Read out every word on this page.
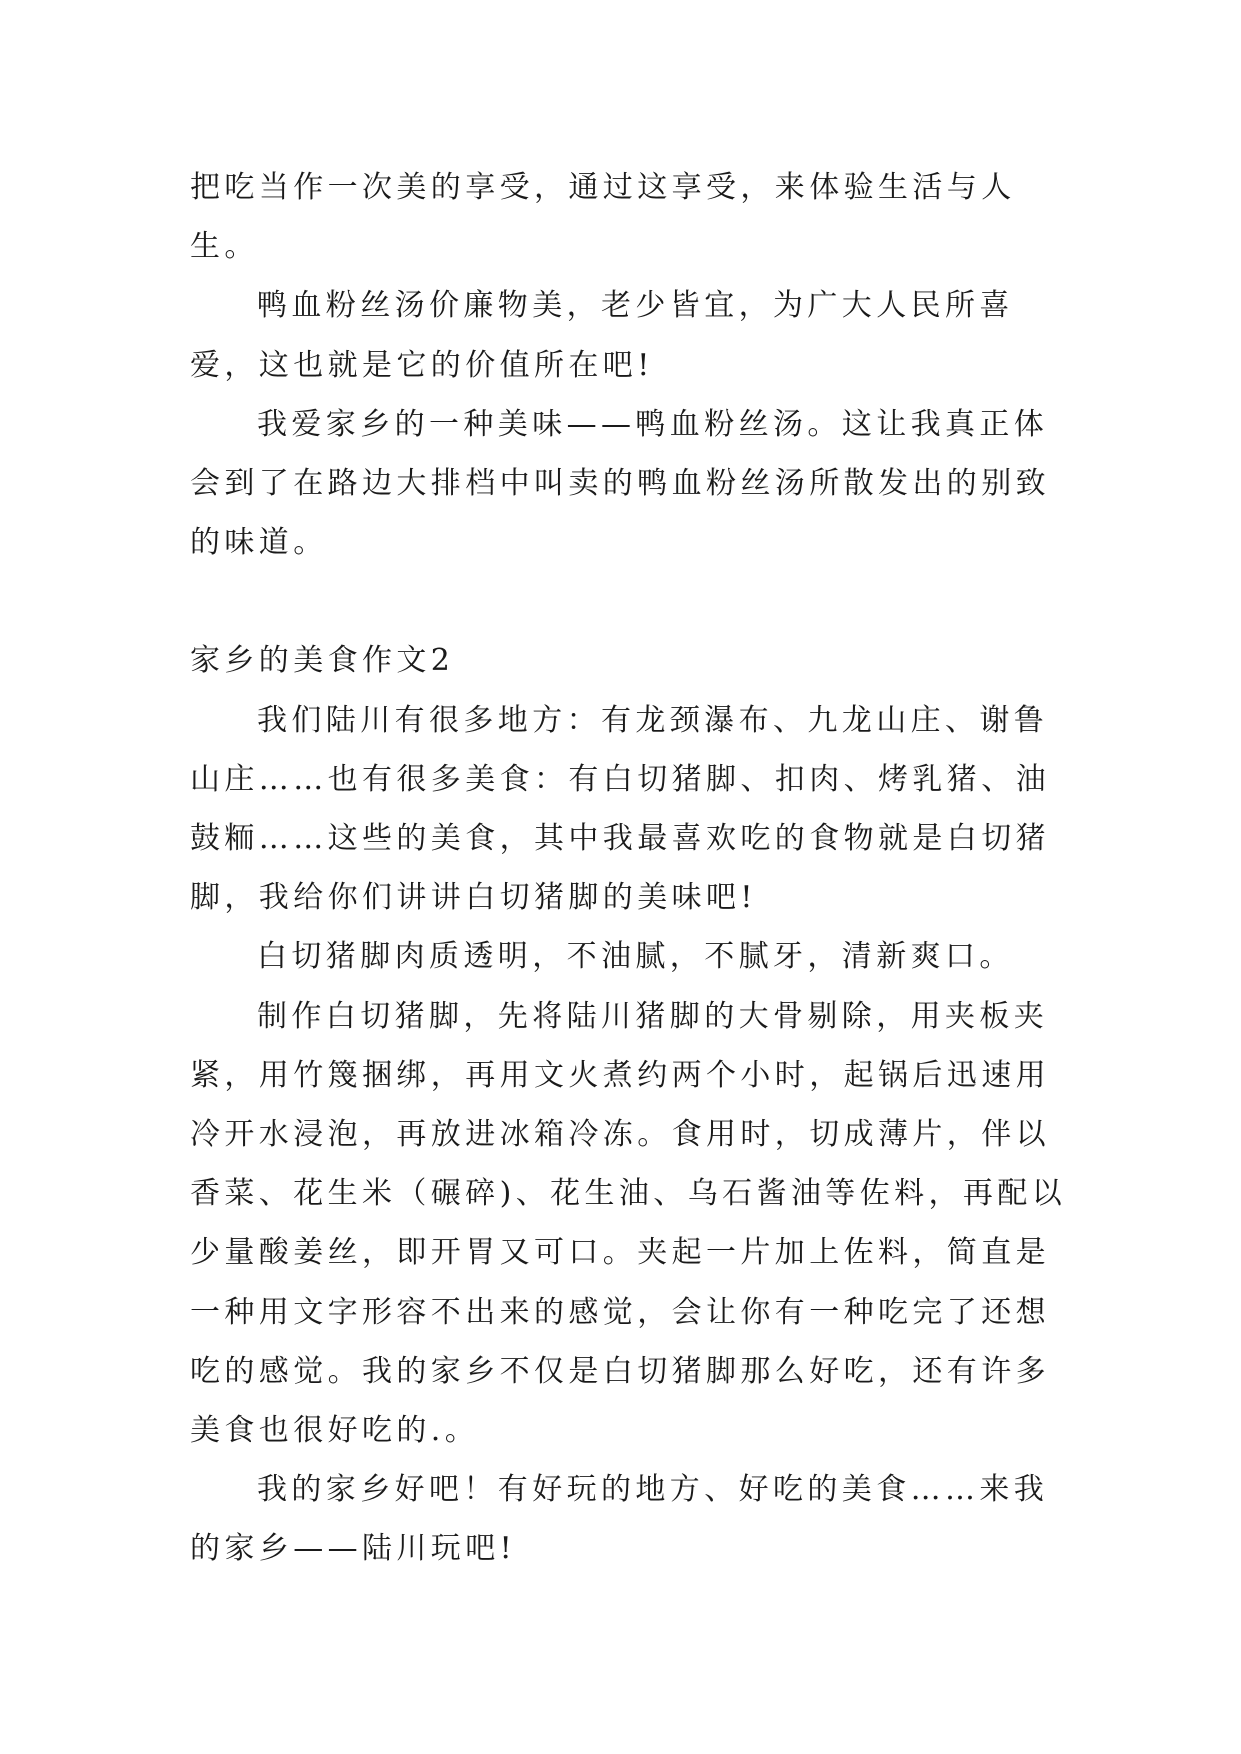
把吃当作一次美的享受，通过这享受，来体验生活与人生。

鸭血粉丝汤价廉物美，老少皆宜，为广大人民所喜爱，这也就是它的价值所在吧!

我爱家乡的一种美味——鸭血粉丝汤。这让我真正体会到了在路边大排档中叫卖的鸭血粉丝汤所散发出的别致的味道。

家乡的美食作文2

我们陆川有很多地方：有龙颈瀑布、九龙山庄、谢鲁山庄……也有很多美食：有白切猪脚、扣肉、烤乳猪、油鼓粫……这些的美食，其中我最喜欢吃的食物就是白切猪脚，我给你们讲讲白切猪脚的美味吧!

白切猪脚肉质透明，不油腻，不腻牙，清新爽口。

制作白切猪脚，先将陆川猪脚的大骨剔除，用夹板夹紧，用竹篾捆绑，再用文火煮约两个小时，起锅后迅速用冷开水浸泡，再放进冰箱冷冻。食用时，切成薄片，伴以香菜、花生米（碾碎)、花生油、乌石酱油等佐料，再配以少量酸姜丝，即开胃又可口。夹起一片加上佐料，简直是一种用文字形容不出来的感觉，会让你有一种吃完了还想吃的感觉。我的家乡不仅是白切猪脚那么好吃，还有许多美食也很好吃的.。

我的家乡好吧！有好玩的地方、好吃的美食……来我的家乡——陆川玩吧!
